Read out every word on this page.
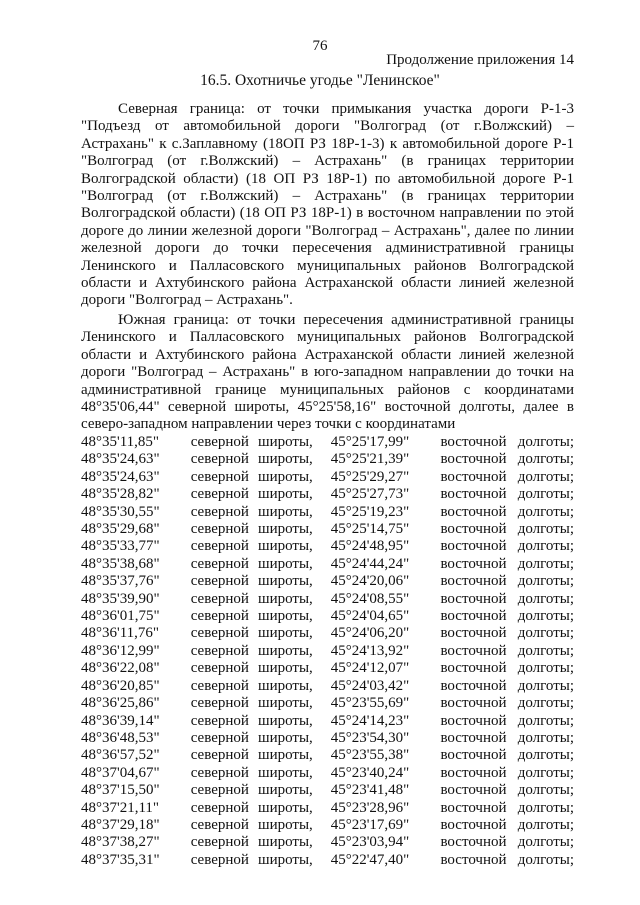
76
Продолжение приложения 14
16.5. Охотничье угодье "Ленинское"
Северная граница: от точки примыкания участка дороги Р-1-3 "Подъезд от автомобильной дороги "Волгоград (от г.Волжский) – Астрахань" к с.Заплавному (18ОП РЗ 18Р-1-3) к автомобильной дороге Р-1 "Волгоград (от г.Волжский) – Астрахань" (в границах территории Волгоградской области) (18 ОП РЗ 18Р-1) по автомобильной дороге Р-1 "Волгоград (от г.Волжский) – Астрахань" (в границах территории Волгоградской области) (18 ОП РЗ 18Р-1) в восточном направлении по этой дороге до линии железной дороги "Волгоград – Астрахань", далее по линии железной дороги до точки пересечения административной границы Ленинского и Палласовского муниципальных районов Волгоградской области и Ахтубинского района Астраханской области линией железной дороги "Волгоград – Астрахань".
Южная граница: от точки пересечения административной границы Ленинского и Палласовского муниципальных районов Волгоградской области и Ахтубинского района Астраханской области линией железной дороги "Волгоград – Астрахань" в юго-западном направлении до точки на административной границе муниципальных районов с координатами 48°35'06,44" северной широты, 45°25'58,16" восточной долготы, далее в северо-западном направлении через точки с координатами
48°35'11,85"	северной	широты,	45°25'17,99"	восточной	долготы;
48°35'24,63"	северной	широты,	45°25'21,39"	восточной	долготы;
48°35'24,63"	северной	широты,	45°25'29,27"	восточной	долготы;
48°35'28,82"	северной	широты,	45°25'27,73"	восточной	долготы;
48°35'30,55"	северной	широты,	45°25'19,23"	восточной	долготы;
48°35'29,68"	северной	широты,	45°25'14,75"	восточной	долготы;
48°35'33,77"	северной	широты,	45°24'48,95"	восточной	долготы;
48°35'38,68"	северной	широты,	45°24'44,24"	восточной	долготы;
48°35'37,76"	северной	широты,	45°24'20,06"	восточной	долготы;
48°35'39,90"	северной	широты,	45°24'08,55"	восточной	долготы;
48°36'01,75"	северной	широты,	45°24'04,65"	восточной	долготы;
48°36'11,76"	северной	широты,	45°24'06,20"	восточной	долготы;
48°36'12,99"	северной	широты,	45°24'13,92"	восточной	долготы;
48°36'22,08"	северной	широты,	45°24'12,07"	восточной	долготы;
48°36'20,85"	северной	широты,	45°24'03,42"	восточной	долготы;
48°36'25,86"	северной	широты,	45°23'55,69"	восточной	долготы;
48°36'39,14"	северной	широты,	45°24'14,23"	восточной	долготы;
48°36'48,53"	северной	широты,	45°23'54,30"	восточной	долготы;
48°36'57,52"	северной	широты,	45°23'55,38"	восточной	долготы;
48°37'04,67"	северной	широты,	45°23'40,24"	восточной	долготы;
48°37'15,50"	северной	широты,	45°23'41,48"	восточной	долготы;
48°37'21,11"	северной	широты,	45°23'28,96"	восточной	долготы;
48°37'29,18"	северной	широты,	45°23'17,69"	восточной	долготы;
48°37'38,27"	северной	широты,	45°23'03,94"	восточной	долготы;
48°37'35,31"	северной	широты,	45°22'47,40"	восточной	долготы;
